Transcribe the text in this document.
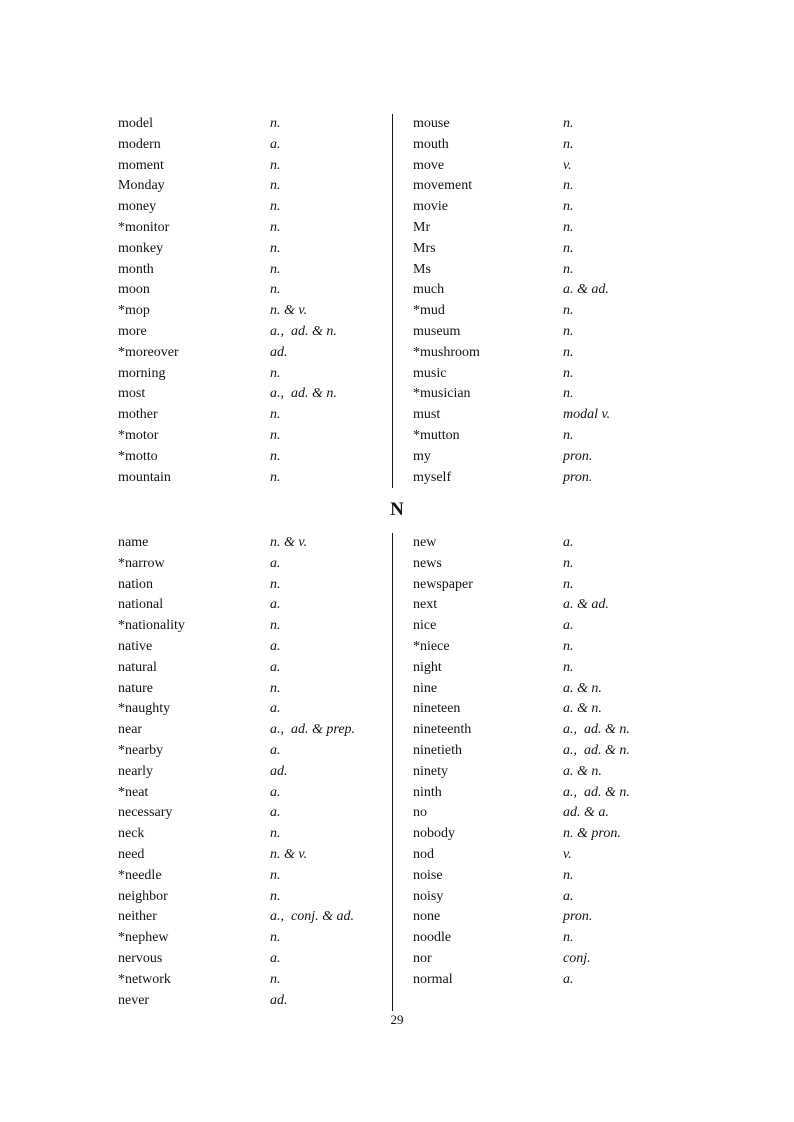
model	n.
modern	a.
moment	n.
Monday	n.
money	n.
*monitor	n.
monkey	n.
month	n.
moon	n.
*mop	n. & v.
more	a.,  ad. & n.
*moreover	ad.
morning	n.
most	a.,  ad. & n.
mother	n.
*motor	n.
*motto	n.
mountain	n.
mouse	n.
mouth	n.
move	v.
movement	n.
movie	n.
Mr	n.
Mrs	n.
Ms	n.
much	a. & ad.
*mud	n.
museum	n.
*mushroom	n.
music	n.
*musician	n.
must	modal v.
*mutton	n.
my	pron.
myself	pron.
N
name	n. & v.
*narrow	a.
nation	n.
national	a.
*nationality	n.
native	a.
natural	a.
nature	n.
*naughty	a.
near	a.,  ad. & prep.
*nearby	a.
nearly	ad.
*neat	a.
necessary	a.
neck	n.
need	n. & v.
*needle	n.
neighbor	n.
neither	a.,  conj. & ad.
*nephew	n.
nervous	a.
*network	n.
never	ad.
new	a.
news	n.
newspaper	n.
next	a. & ad.
nice	a.
*niece	n.
night	n.
nine	a. & n.
nineteen	a. & n.
nineteenth	a.,  ad. & n.
ninetieth	a.,  ad. & n.
ninety	a. & n.
ninth	a.,  ad. & n.
no	ad. & a.
nobody	n. & pron.
nod	v.
noise	n.
noisy	a.
none	pron.
noodle	n.
nor	conj.
normal	a.
29
